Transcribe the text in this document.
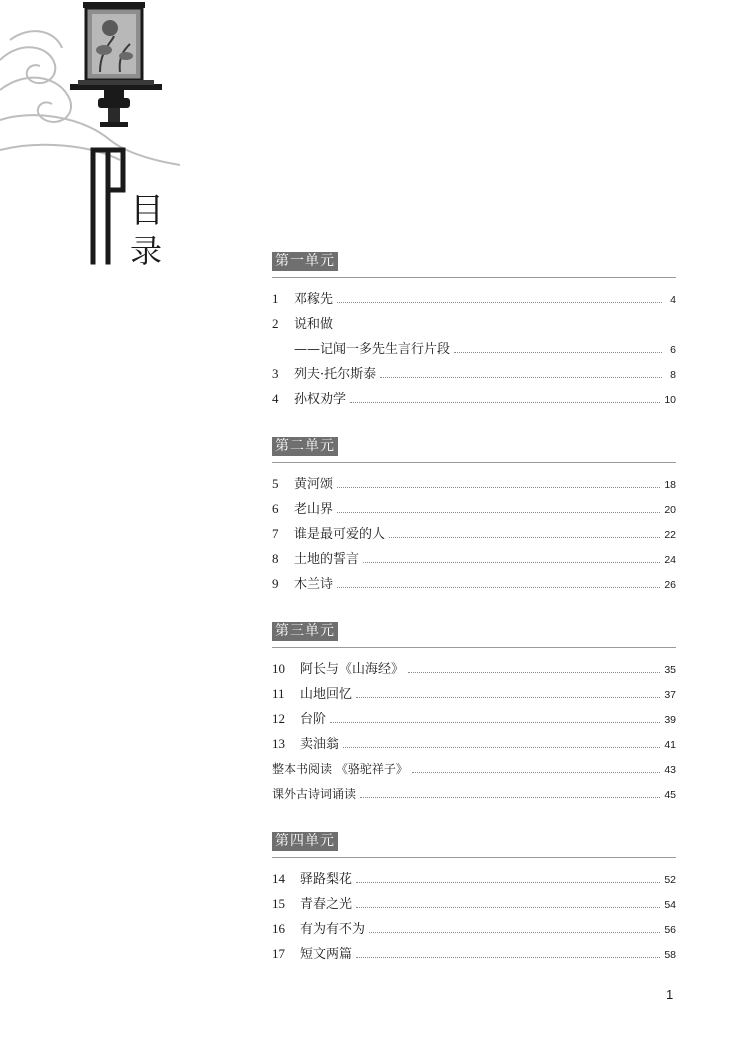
目
录	第一单元
1	邓稼先	4
2	说和做
——记闻一多先生言行片段	6
3	列夫·托尔斯泰	8
4	孙权劝学	10
第二单元
5	黄河颂	18
6	老山界	20
7	谁是最可爱的人	22
8	土地的誓言	24
9	木兰诗	26
第三单元
10	阿长与《山海经》	35
11	山地回忆	37
12	台阶	39
13	卖油翁	41
整本书阅读 《骆驼祥子》	43
课外古诗词诵读	45
第四单元
14	驿路梨花	52
15	青春之光	54
16	有为有不为	56
17	短文两篇	58
1
